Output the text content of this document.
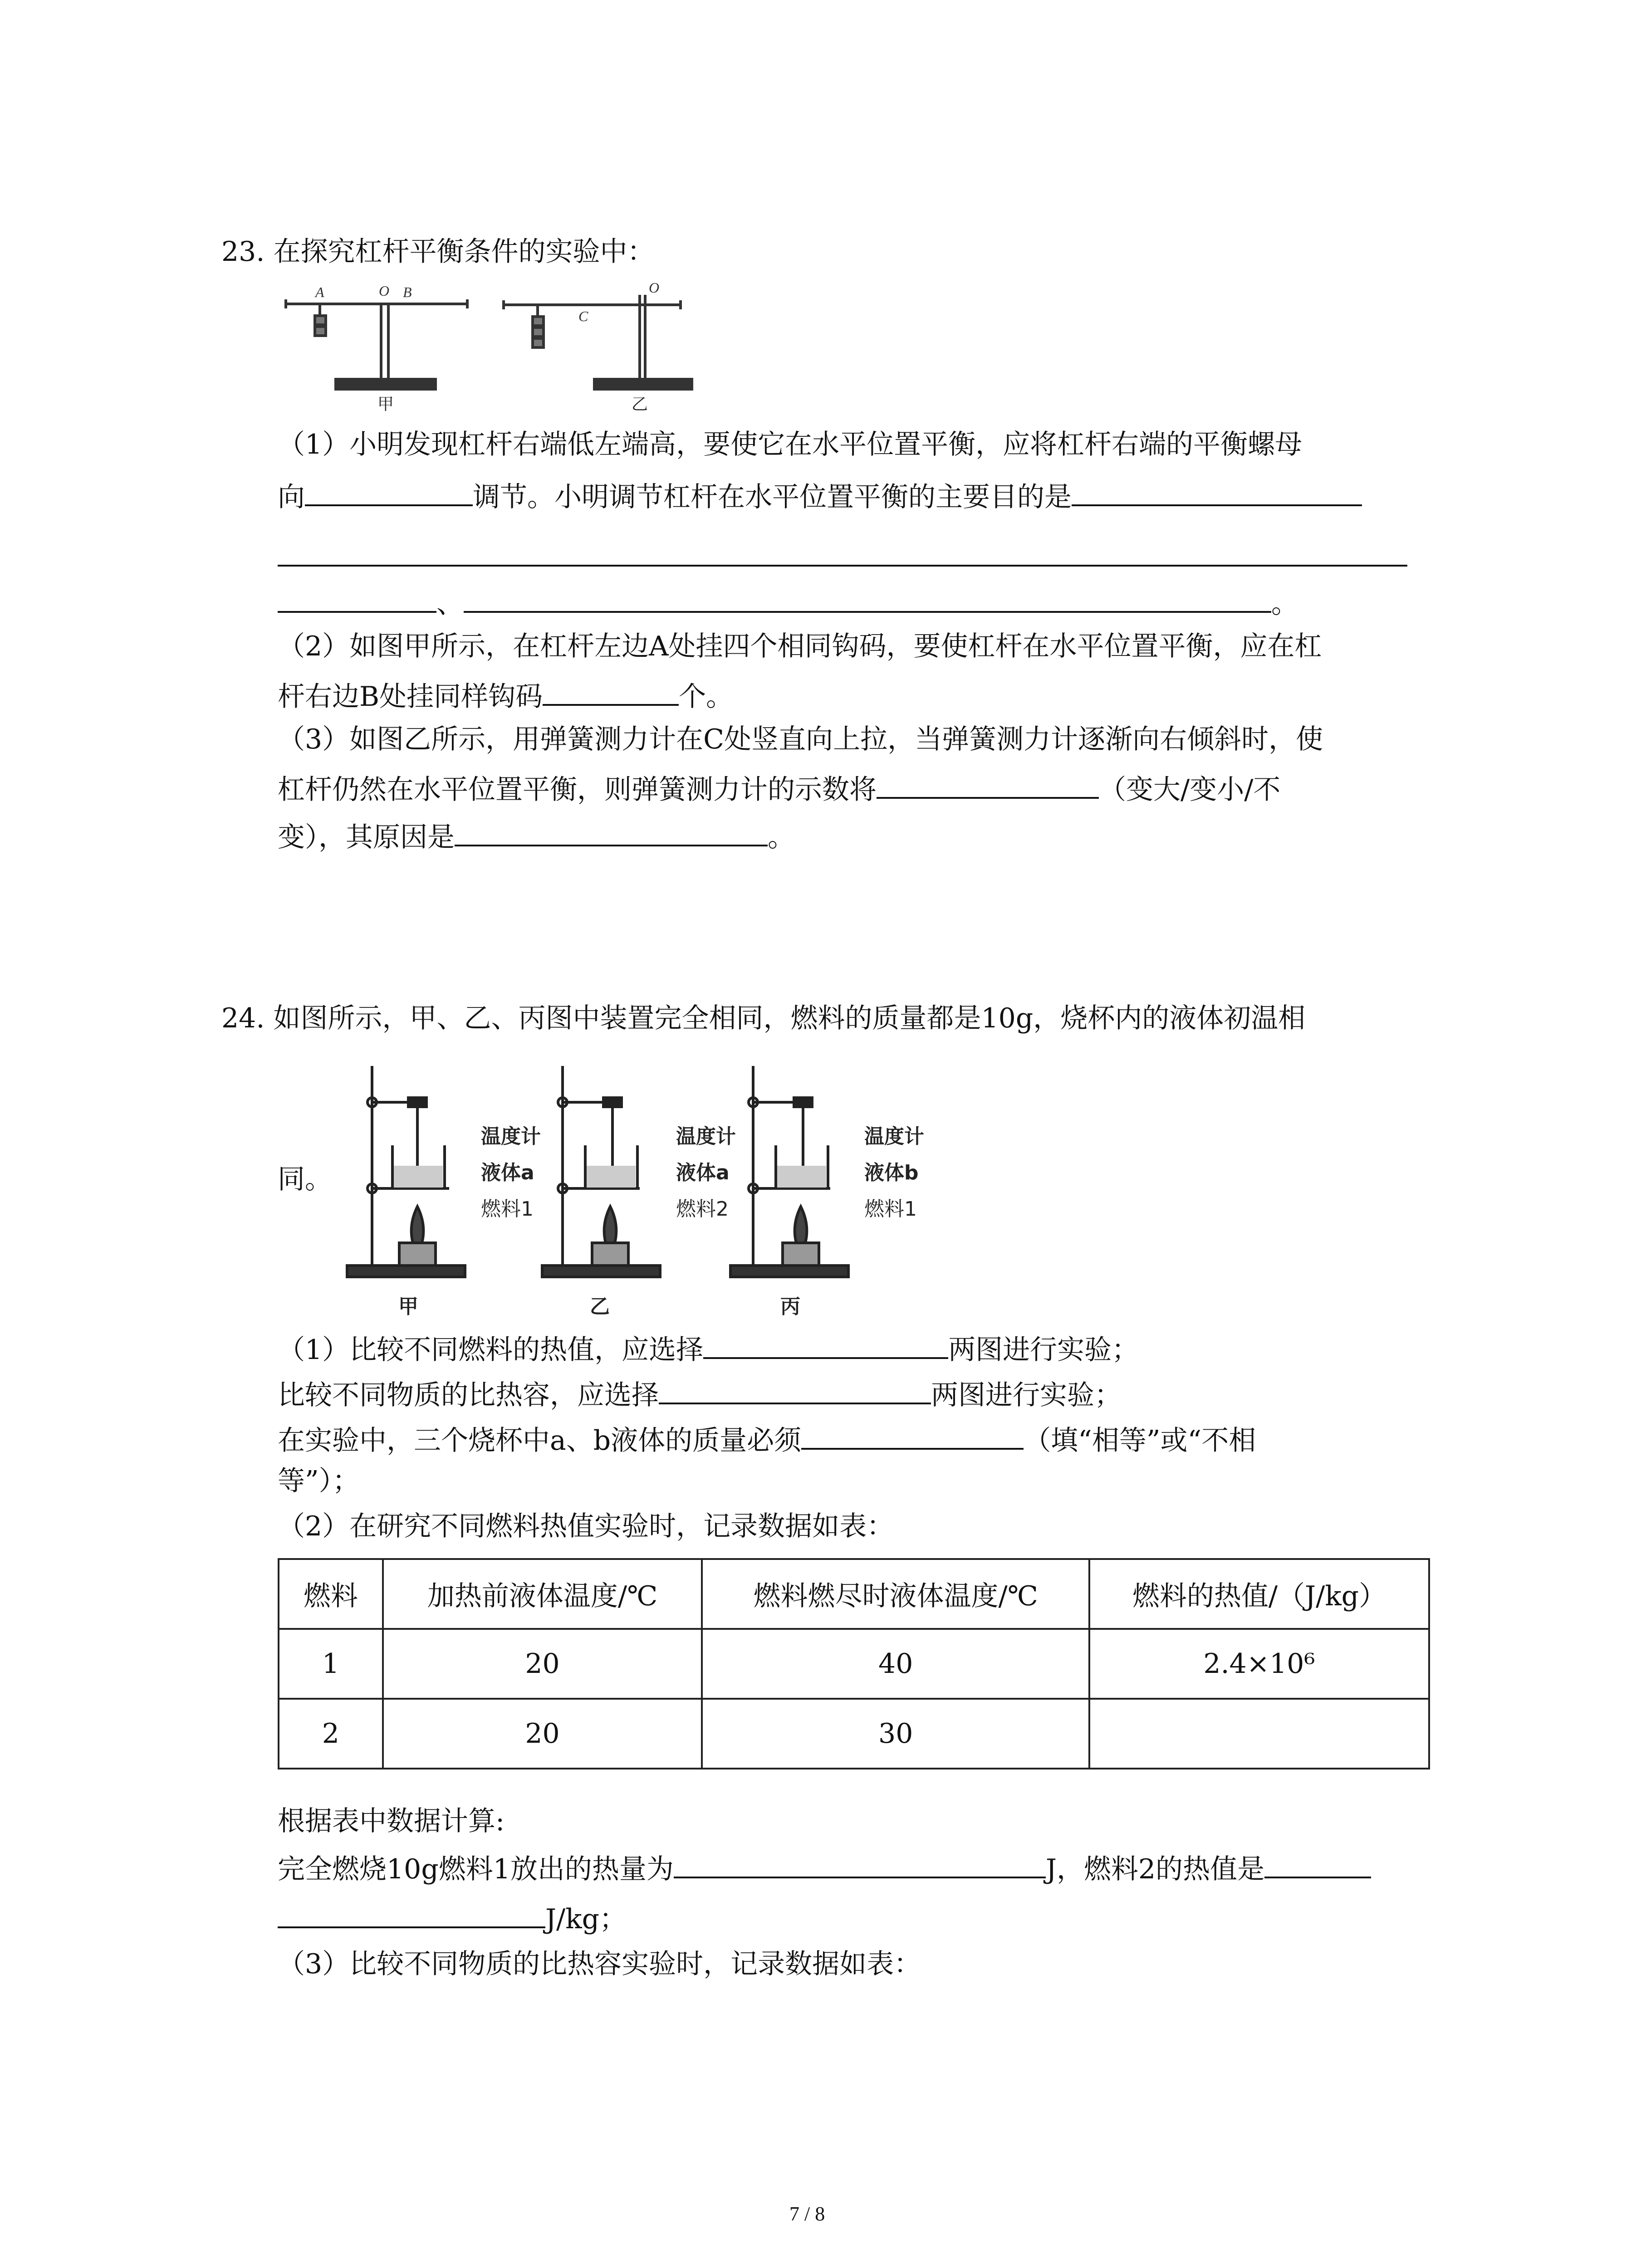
23. 在探究杠杆平衡条件的实验中：
A	O B
C
O
甲	乙
（1）小明发现杠杆右端低左端高，要使它在水平位置平衡，应将杠杆右端的平衡螺母
向	调节。小明调节杠杆在水平位置平衡的主要目的是
、	。
（2）如图甲所示，在杠杆左边A处挂四个相同钩码，要使杠杆在水平位置平衡，应在杠
杆右边B处挂同样钩码	个。
（3）如图乙所示，用弹簧测力计在C处竖直向上拉，当弹簧测力计逐渐向右倾斜时，使
杠杆仍然在水平位置平衡，则弹簧测力计的示数将	（变大/变小/不
变），其原因是	。
24. 如图所示，甲、乙、丙图中装置完全相同，燃料的质量都是10g，烧杯内的液体初温相
同。
温度计
液体a
燃料1
温度计
液体a
燃料2
温度计
液体b
燃料1
甲	乙	丙
（1）比较不同燃料的热值，应选择	两图进行实验；
比较不同物质的比热容，应选择	两图进行实验；
在实验中，三个烧杯中a、b液体的质量必须	（填“相等”或“不相
等”）；
（2）在研究不同燃料热值实验时，记录数据如表：
燃料	加热前液体温度/℃	燃料燃尽时液体温度/℃	燃料的热值/（J/kg）
1	20	40	2.4×10⁶
2	20	30	
根据表中数据计算:
完全燃烧10g燃料1放出的热量为	J，燃料2的热值是
J/kg；
（3）比较不同物质的比热容实验时，记录数据如表：
7 / 8
